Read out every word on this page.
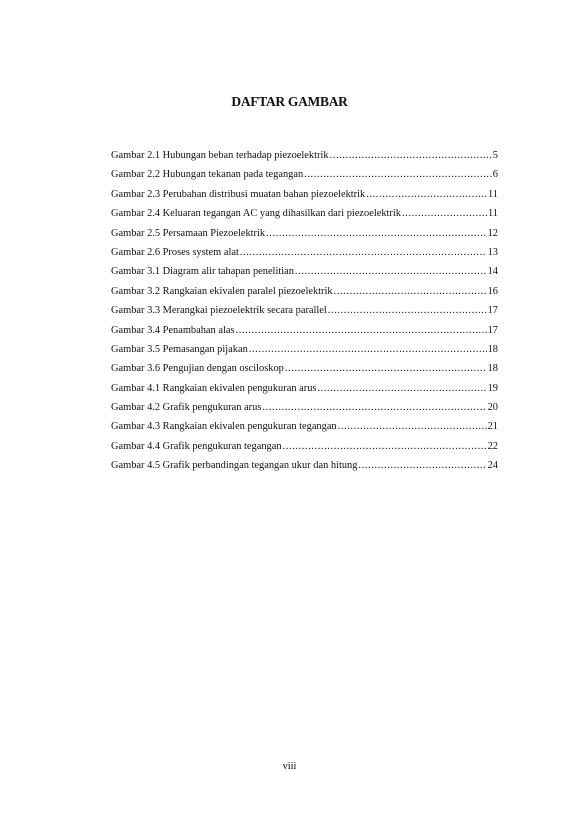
DAFTAR GAMBAR
Gambar 2.1 Hubungan beban terhadap piezoelektrik .....	5
Gambar 2.2 Hubungan tekanan pada tegangan .....	6
Gambar 2.3 Perubahan distribusi muatan bahan piezoelektrik .....	11
Gambar 2.4 Keluaran tegangan AC yang dihasilkan dari piezoelektrik .....	11
Gambar 2.5 Persamaan Piezoelektrik .....	12
Gambar 2.6 Proses system alat .....	13
Gambar 3.1 Diagram alir tahapan penelitian .....	14
Gambar 3.2 Rangkaian ekivalen paralel piezoelektrik .....	16
Gambar 3.3 Merangkai piezoelektrik secara parallel .....	17
Gambar 3.4 Penambahan alas .....	17
Gambar 3.5 Pemasangan pijakan .....	18
Gambar 3.6 Pengujian dengan osciloskop .....	18
Gambar 4.1 Rangkaian ekivalen pengukuran arus .....	19
Gambar 4.2 Grafik pengukuran arus .....	20
Gambar 4.3 Rangkaian ekivalen pengukuran tegangan .....	21
Gambar 4.4 Grafik pengukuran tegangan .....	22
Gambar 4.5 Grafik perbandingan tegangan ukur dan hitung .....	24
viii
